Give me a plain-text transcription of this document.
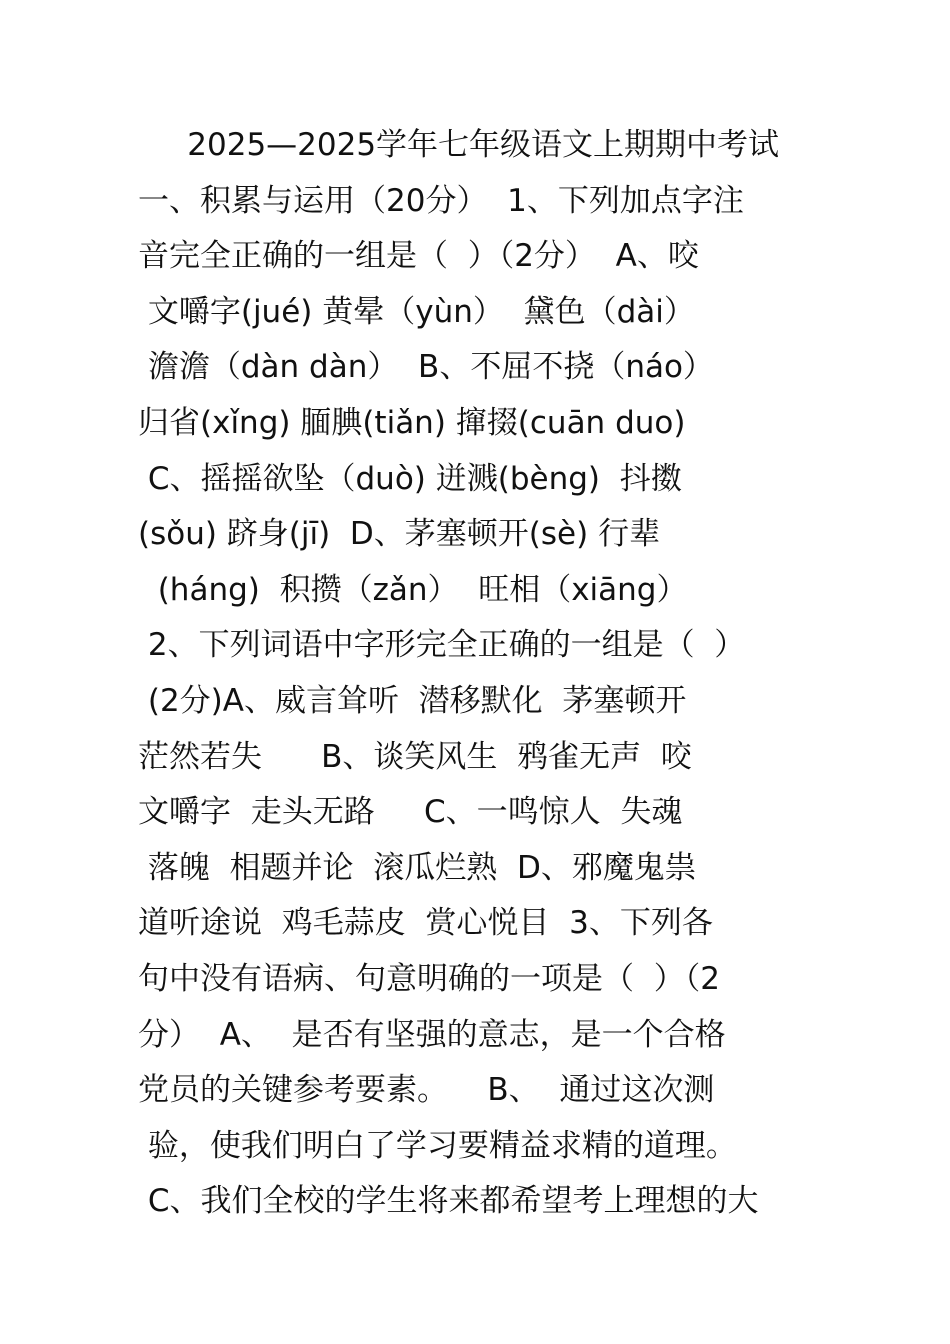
2025—2025学年七年级语文上期期中考试
一、积累与运用（20分）  1、下列加点字注
音完全正确的一组是（  ）（2分）  A、咬
文嚼字(jué) 黄晕（yùn）  黛色（dài）
澹澹（dàn dàn）  B、不屈不挠（náo）
归省(xǐng) 腼腆(tiǎn) 撺掇(cuān duo)
C、摇摇欲坠（duò) 迸溅(bèng)  抖擞
(sǒu) 跻身(jī)  D、茅塞顿开(sè) 行辈
(háng)  积攒（zǎn）  旺相（xiāng）
2、下列词语中字形完全正确的一组是（  ）
(2分)A、威言耸听  潜移默化  茅塞顿开
茫然若失      B、谈笑风生  鸦雀无声  咬
文嚼字  走头无路     C、一鸣惊人  失魂
落魄  相题并论  滚瓜烂熟  D、邪魔鬼祟
道听途说  鸡毛蒜皮  赏心悦目  3、下列各
句中没有语病、句意明确的一项是（  ）（2
分）  A、  是否有坚强的意志，是一个合格
党员的关键参考要素。    B、  通过这次测
验，使我们明白了学习要精益求精的道理。
C、我们全校的学生将来都希望考上理想的大
